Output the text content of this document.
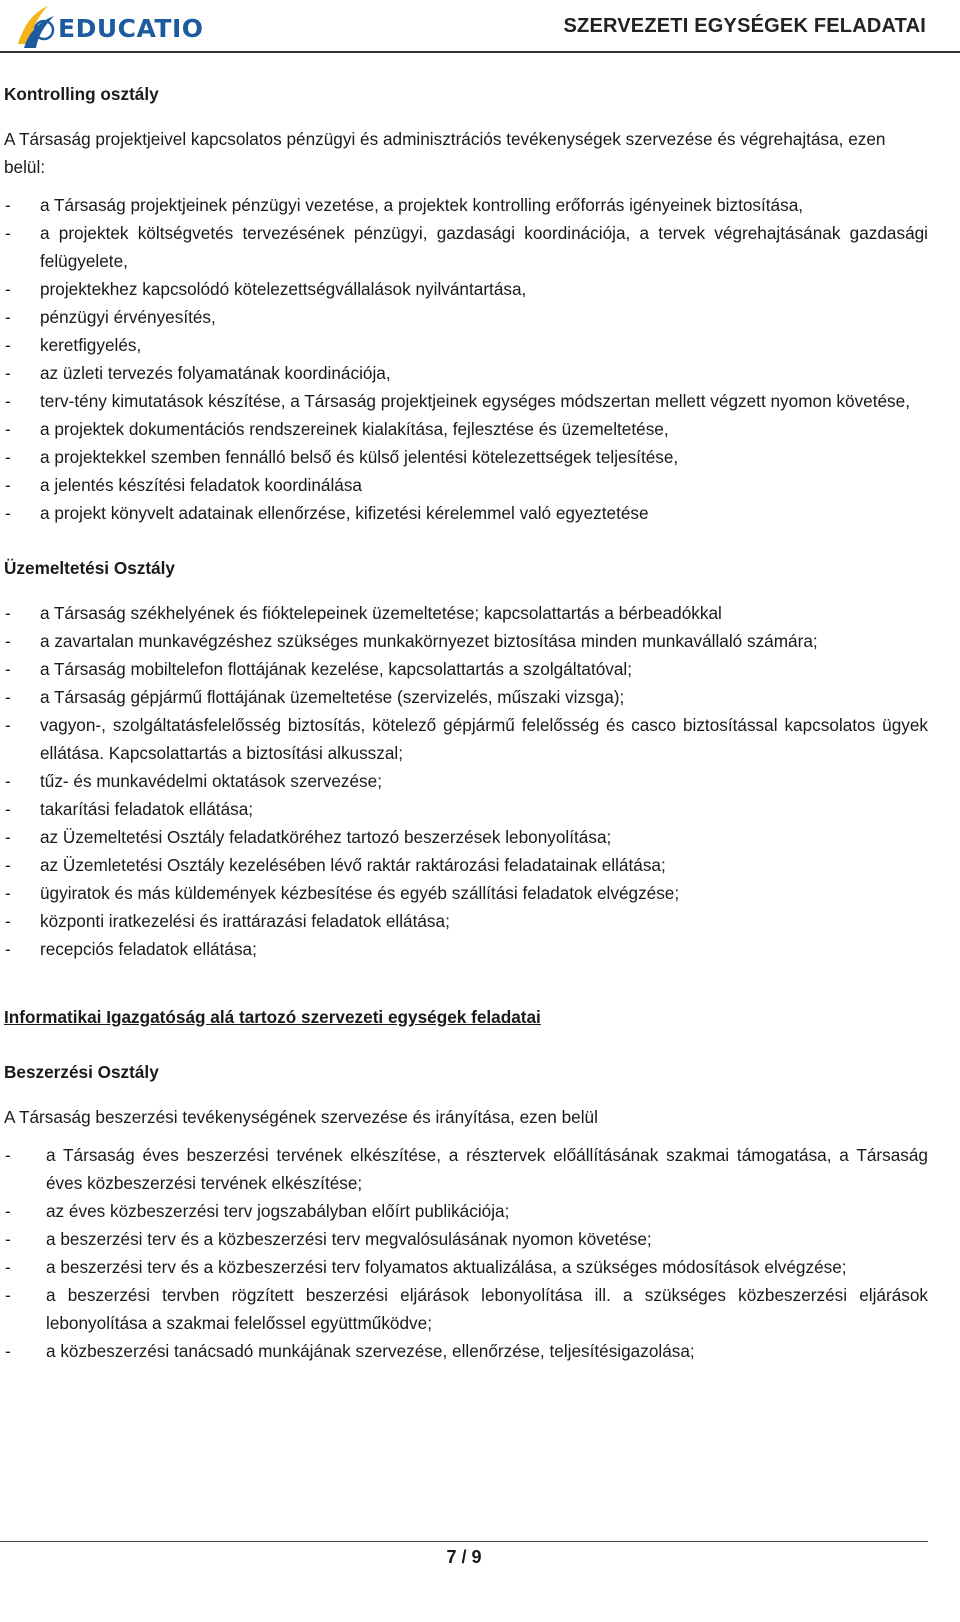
EDUCATIO	SZERVEZETI EGYSÉGEK FELADATAI

Kontrolling osztály

A Társaság projektjeivel kapcsolatos pénzügyi és adminisztrációs tevékenységek szervezése és végrehajtása, ezen belül:

- a Társaság projektjeinek pénzügyi vezetése, a projektek kontrolling erőforrás igényeinek biztosítása,
- a projektek költségvetés tervezésének pénzügyi, gazdasági koordinációja, a tervek végrehajtásának gazdasági felügyelete,
- projektekhez kapcsolódó kötelezettségvállalások nyilvántartása,
- pénzügyi érvényesítés,
- keretfigyelés,
- az üzleti tervezés folyamatának koordinációja,
- terv-tény kimutatások készítése, a Társaság projektjeinek egységes módszertan mellett végzett nyomon követése,
- a projektek dokumentációs rendszereinek kialakítása, fejlesztése és üzemeltetése,
- a projektekkel szemben fennálló belső és külső jelentési kötelezettségek teljesítése,
- a jelentés készítési feladatok koordinálása
- a projekt könyvelt adatainak ellenőrzése, kifizetési kérelemmel való egyeztetése

Üzemeltetési Osztály

- a Társaság székhelyének és fióktelepeinek üzemeltetése; kapcsolattartás a bérbeadókkal
- a zavartalan munkavégzéshez szükséges munkakörnyezet biztosítása minden munkavállaló számára;
- a Társaság mobiltelefon flottájának kezelése, kapcsolattartás a szolgáltatóval;
- a Társaság gépjármű flottájának üzemeltetése (szervizelés, műszaki vizsga);
- vagyon-, szolgáltatásfelelősség biztosítás, kötelező gépjármű felelősség és casco biztosítással kapcsolatos ügyek ellátása. Kapcsolattartás a biztosítási alkusszal;
- tűz- és munkavédelmi oktatások szervezése;
- takarítási feladatok ellátása;
- az Üzemeltetési Osztály feladatköréhez tartozó beszerzések lebonyolítása;
- az Üzemletetési Osztály kezelésében lévő raktár raktározási feladatainak ellátása;
- ügyiratok és más küldemények kézbesítése és egyéb szállítási feladatok elvégzése;
- központi iratkezelési és irattárazási feladatok ellátása;
- recepciós feladatok ellátása;

Informatikai Igazgatóság alá tartozó szervezeti egységek feladatai

Beszerzési Osztály

A Társaság beszerzési tevékenységének szervezése és irányítása, ezen belül

- a Társaság éves beszerzési tervének elkészítése, a résztervek előállításának szakmai támogatása, a Társaság éves közbeszerzési tervének elkészítése;
- az éves közbeszerzési terv jogszabályban előírt publikációja;
- a beszerzési terv és a közbeszerzési terv megvalósulásának nyomon követése;
- a beszerzési terv és a közbeszerzési terv folyamatos aktualizálása, a szükséges módosítások elvégzése;
- a beszerzési tervben rögzített beszerzési eljárások lebonyolítása ill. a szükséges közbeszerzési eljárások lebonyolítása a szakmai felelőssel együttműködve;
- a közbeszerzési tanácsadó munkájának szervezése, ellenőrzése, teljesítésigazolása;
7 / 9
